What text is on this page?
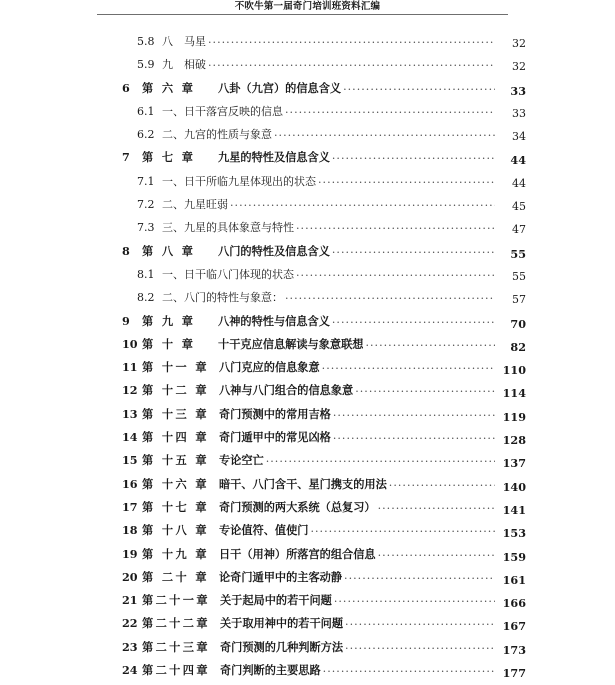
不吹牛第一届奇门培训班资料汇编
5.8 八　马星 .....	32
5.9 九　相破 .....	32
6	第 六 章	八卦（九宫）的信息含义 .....	33
6.1 一、日干落宫反映的信息 .....	33
6.2 二、九宫的性质与象意 .....	34
7	第 七 章	九星的特性及信息含义 .....	44
7.1 一、日干所临九星体现出的状态 .....	44
7.2 二、九星旺弱 .....	45
7.3 三、九星的具体象意与特性 .....	47
8	第 八 章	八门的特性及信息含义 .....	55
8.1 一、日干临八门体现的状态 .....	55
8.2 二、八门的特性与象意： .....	57
9	第 九 章	八神的特性与信息含义 .....	70
10 第 十 章	十干克应信息解读与象意联想 .....	82
11 第 十一 章 八门克应的信息象意 .....	110
12 第 十二 章 八神与八门组合的信息象意 .....	114
13 第 十三 章 奇门预测中的常用吉格 .....	119
14 第 十四 章 奇门遁甲中的常见凶格 .....	128
15 第 十五 章 专论空亡 .....	137
16 第 十六 章 暗干、八门含干、星门携支的用法 .....	140
17 第 十七 章 奇门预测的两大系统（总复习） .....	141
18 第 十八 章 专论值符、值使门 .....	153
19 第 十九 章 日干（用神）所落宫的组合信息 .....	159
20 第 二十 章 论奇门遁甲中的主客动静 .....	161
21 第二十一章 关于起局中的若干问题 .....	166
22 第二十二章 关于取用神中的若干问题 .....	167
23 第二十三章 奇门预测的几种判断方法 .....	173
24 第二十四章 奇门判断的主要思路 .....	177
